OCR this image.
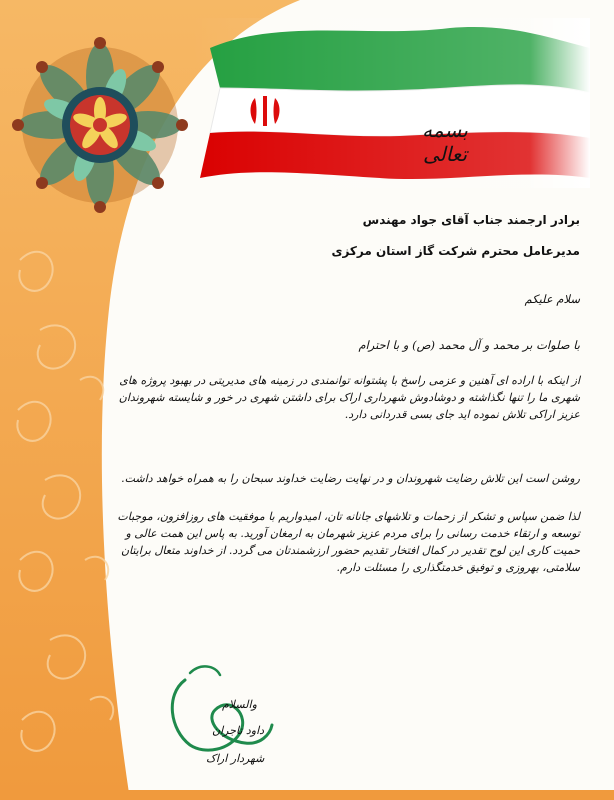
بسمه تعالی
برادر ارجمند جناب آقای جواد مهندس
مدیرعامل محترم شرکت گاز استان مرکزی
سلام علیکم
با صلوات بر محمد و آل محمد (ص) و با احترام
از اینکه با اراده ای آهنین و عزمی راسخ با پشتوانه توانمندی در زمینه های مدیریتی در بهبود پروژه های شهری ما را تنها نگذاشته و دوشادوش شهرداری اراک برای داشتن شهری در خور و شایسته شهروندان عزیز اراکی تلاش نموده اید جای بسی قدردانی دارد.
روشن است این تلاش رضایت شهروندان و در نهایت رضایت خداوند سبحان را به همراه خواهد داشت.
لذا ضمن سپاس و تشکر از زحمات و تلاشهای جانانه تان، امیدواریم با موفقیت های روزافزون، موجبات توسعه و ارتقاء خدمت رسانی را برای مردم عزیز شهرمان به ارمغان آورید. به پاس این همت عالی و حمیت کاری این لوح تقدیر در کمال افتخار تقدیم حضور ارزشمندتان می گردد. از خداوند متعال برایتان سلامتی، بهروزی و توفیق خدمتگذاری را مسئلت دارم.
والسلام
داود تاجران
شهردار اراک
